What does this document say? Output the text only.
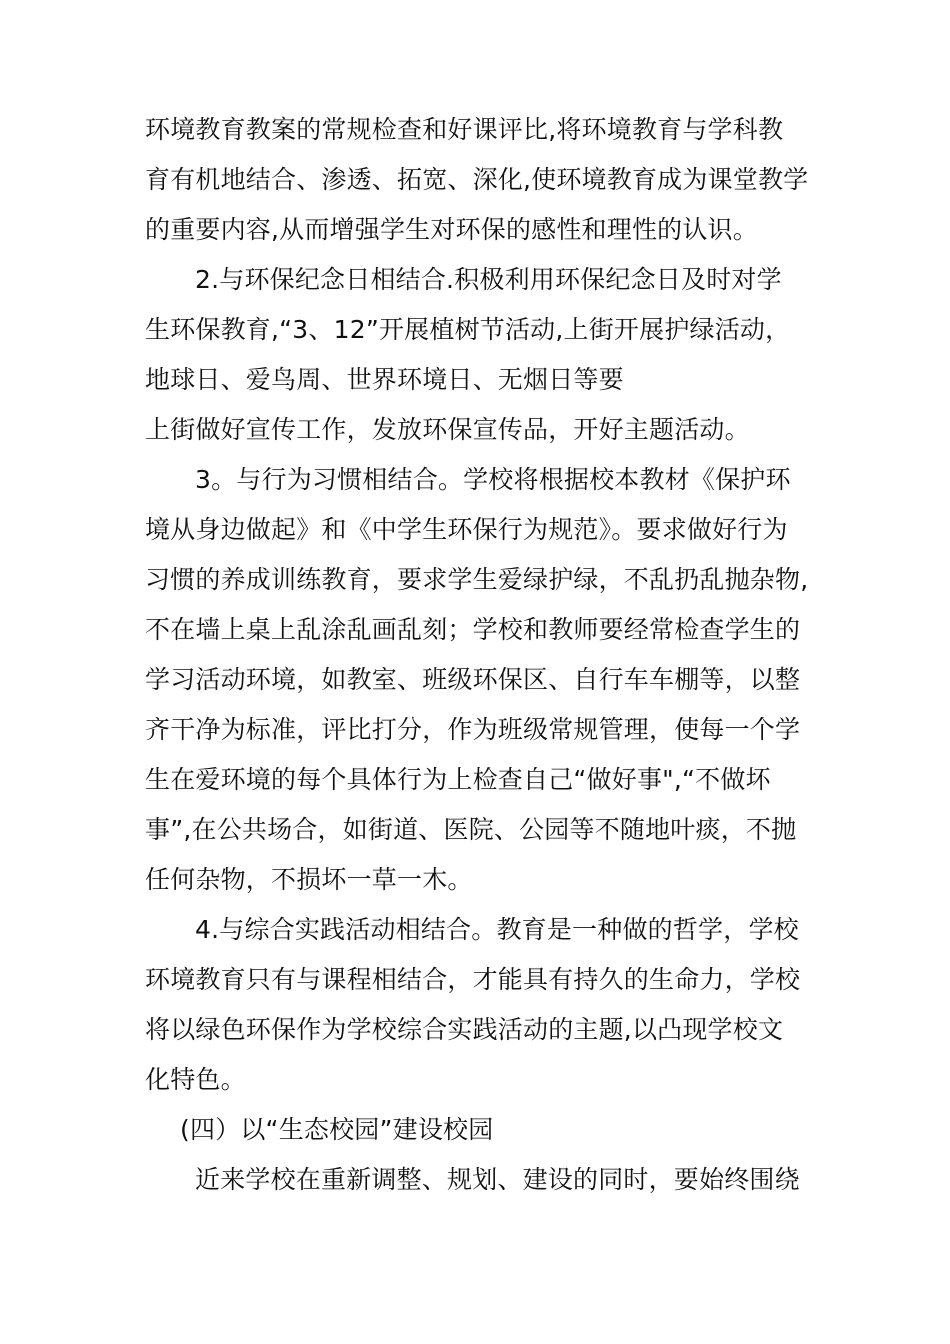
环境教育教案的常规检查和好课评比,将环境教育与学科教
育有机地结合、渗透、拓宽、深化,使环境教育成为课堂教学
的重要内容,从而增强学生对环保的感性和理性的认识。
2.与环保纪念日相结合.积极利用环保纪念日及时对学
生环保教育,“3、12”开展植树节活动,上街开展护绿活动，
地球日、爱鸟周、世界环境日、无烟日等要
上街做好宣传工作，发放环保宣传品，开好主题活动。
3。与行为习惯相结合。学校将根据校本教材《保护环
境从身边做起》和《中学生环保行为规范》。要求做好行为
习惯的养成训练教育，要求学生爱绿护绿，不乱扔乱抛杂物,
不在墙上桌上乱涂乱画乱刻；学校和教师要经常检查学生的
学习活动环境，如教室、班级环保区、自行车车棚等，以整
齐干净为标准，评比打分，作为班级常规管理，使每一个学
生在爱环境的每个具体行为上检查自己“做好事",“不做坏
事”,在公共场合，如街道、医院、公园等不随地叶痰，不抛
任何杂物，不损坏一草一木。
4.与综合实践活动相结合。教育是一种做的哲学，学校
环境教育只有与课程相结合，才能具有持久的生命力，学校
将以绿色环保作为学校综合实践活动的主题,以凸现学校文
化特色。
(四）以“生态校园”建设校园
近来学校在重新调整、规划、建设的同时，要始终围绕
